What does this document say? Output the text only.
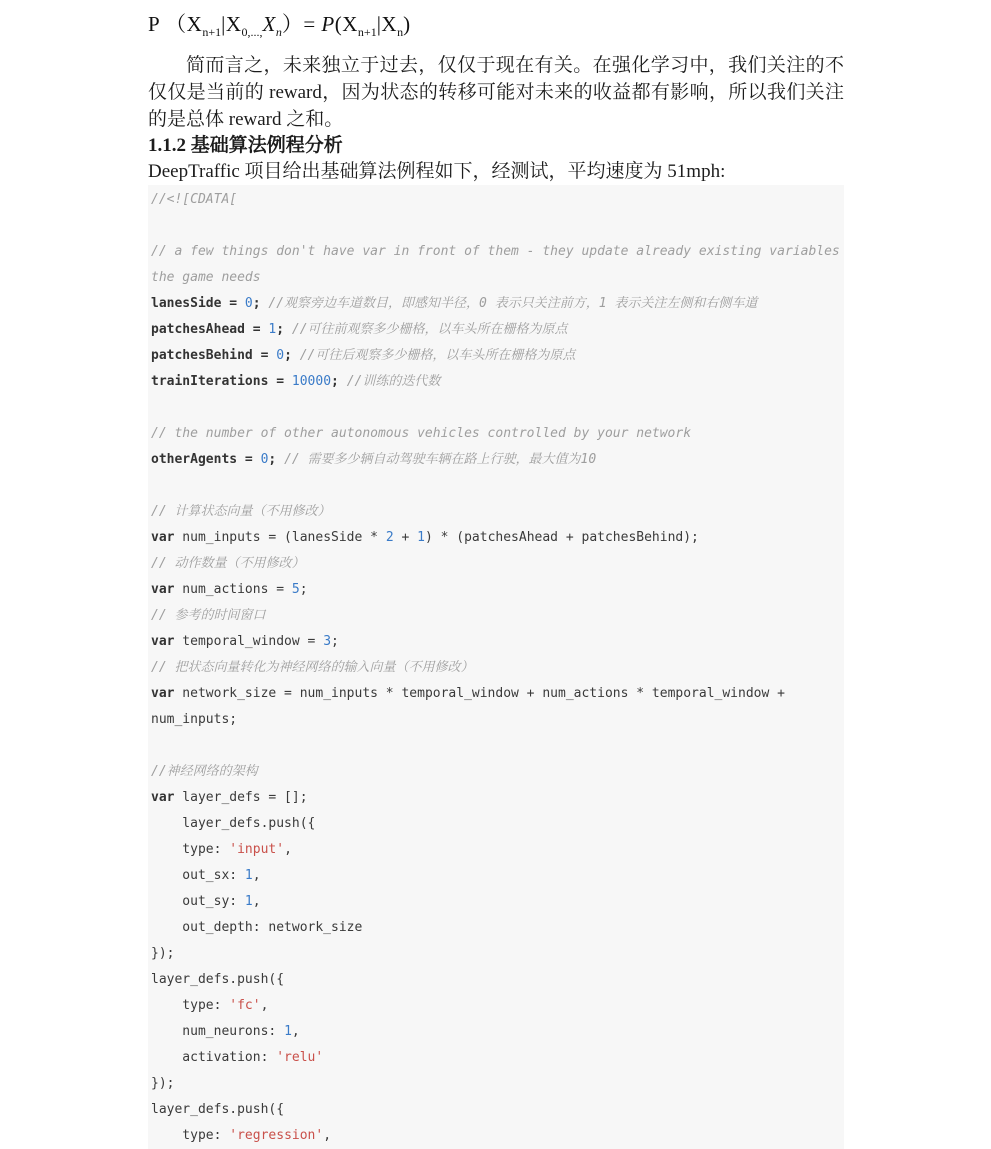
P $(X_{n+1}|X_{0,...,}X_n)= P(X_{n+1}|X_n)$

简而言之，未来独立于过去，仅仅于现在有关。在强化学习中，我们关注的不仅仅是当前的 reward，因为状态的转移可能对未来的收益都有影响，所以我们关注的是总体 reward 之和。

1.1.2 基础算法例程分析

DeepTraffic 项目给出基础算法例程如下，经测试，平均速度为 51mph:

//<![CDATA[

// a few things don't have var in front of them - they update already existing variables
the game needs
lanesSide = 0; //观察旁边车道数目，即感知半径，0 表示只关注前方，1 表示关注左侧和右侧车道
patchesAhead = 1; //可往前观察多少栅格，以车头所在栅格为原点
patchesBehind = 0; //可往后观察多少栅格，以车头所在栅格为原点
trainIterations = 10000; //训练的迭代数

// the number of other autonomous vehicles controlled by your network
otherAgents = 0; // 需要多少辆自动驾驶车辆在路上行驶，最大值为10

// 计算状态向量（不用修改）
var num_inputs = (lanesSide * 2 + 1) * (patchesAhead + patchesBehind);
// 动作数量（不用修改）
var num_actions = 5;
// 参考的时间窗口
var temporal_window = 3;
// 把状态向量转化为神经网络的输入向量（不用修改）
var network_size = num_inputs * temporal_window + num_actions * temporal_window +
num_inputs;

//神经网络的架构
var layer_defs = [];
layer_defs.push({
type: 'input',
out_sx: 1,
out_sy: 1,
out_depth: network_size
});
layer_defs.push({
type: 'fc',
num_neurons: 1,
activation: 'relu'
});
layer_defs.push({
type: 'regression',
